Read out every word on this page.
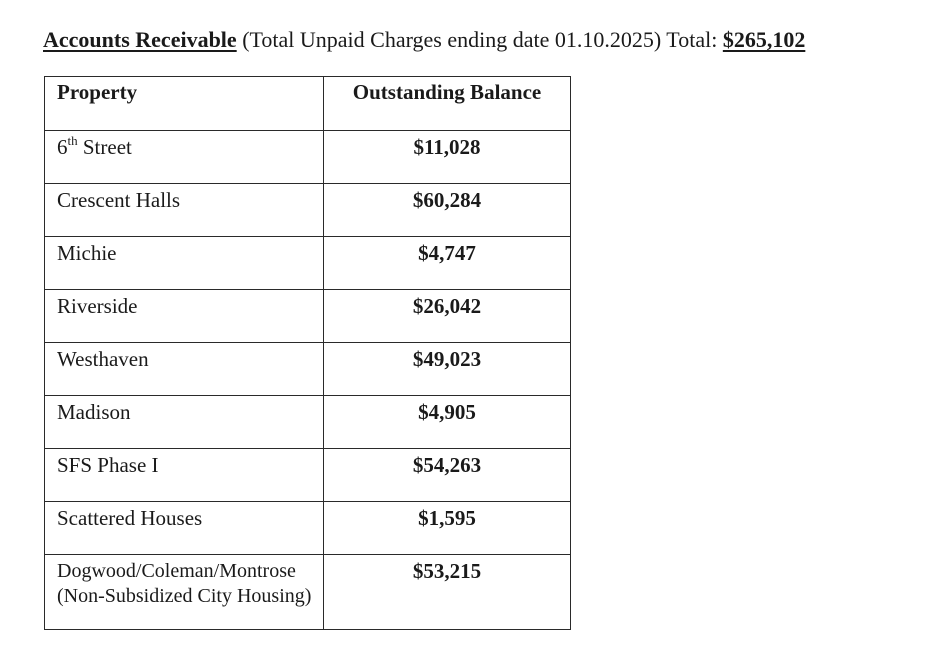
Accounts Receivable (Total Unpaid Charges ending date 01.10.2025) Total: $265,102
Property	Outstanding Balance

6th Street	$11,028

Crescent Halls	$60,284

Michie	$4,747

Riverside	$26,042

Westhaven	$49,023

Madison	$4,905

SFS Phase I	$54,263

Scattered Houses	$1,595

Dogwood/Coleman/Montrose (Non-Subsidized City Housing)	$53,215
